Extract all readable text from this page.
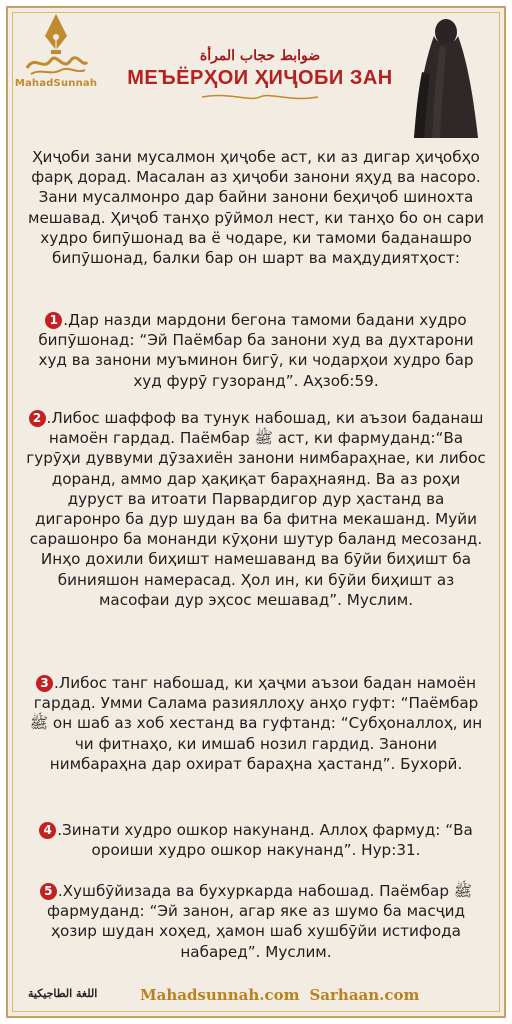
MahadSunnah
ضوابط حجاب المرأة
МЕЪЁРҲОИ ҲИҶОБИ ЗАН
Ҳиҷоби зани мусалмон ҳиҷобе аст, ки аз дигар ҳиҷобҳо фарқ дорад. Масалан аз ҳиҷоби занони яҳуд ва насоро. Зани мусалмонро дар байни занони беҳиҷоб шинохта мешавад. Ҳиҷоб танҳо рӯймол нест, ки танҳо бо он сари худро бипӯшонад ва ё чодаре, ки тамоми баданашро бипӯшонад, балки бар он шарт ва маҳдудиятҳост:
1 .Дар назди мардони бегона тамоми бадани худро бипӯшонад: “Эй Паёмбар ба занони худ ва духтарони худ ва занони муъминон бигӯ, ки чодарҳои худро бар худ фурӯ гузоранд”. Аҳзоб:59.
2 .Либос шаффоф ва тунук набошад, ки аъзои баданаш намоён гардад. Паёмбар ﷺ аст, ки фармуданд:“Ва гурӯҳи дуввуми дӯзахиён занони нимбараҳнае, ки либос доранд, аммо дар ҳақиқат бараҳнаянд. Ва аз роҳи дуруст ва итоати Парвардигор дур ҳастанд ва дигаронро ба дур шудан ва ба фитна мекашанд. Муйи сарашонро ба монанди кӯҳони шутур баланд месозанд. Инҳо дохили биҳишт намешаванд ва бӯйи биҳишт ба бинияшон намерасад. Ҳол ин, ки бӯйи биҳишт аз масофаи дур эҳсос мешавад”. Муслим.
3 .Либос танг набошад, ки ҳаҷми аъзои бадан намоён гардад. Умми Салама разияллоҳу анҳо гуфт: “Паёмбар ﷺ он шаб аз хоб хестанд ва гуфтанд: “Субҳоналлоҳ, ин чи фитнаҳо, ки имшаб нозил гардид. Занони нимбараҳна дар охират бараҳна ҳастанд”. Бухорӣ.
4 .Зинати худро ошкор накунанд. Аллоҳ фармуд: “Ва ороиши худро ошкор накунанд”. Нур:31.
5 .Хушбӯйизада ва бухуркарда набошад. Паёмбар ﷺ фармуданд: “Эй занон, агар яке аз шумо ба масҷид ҳозир шудан хоҳед, ҳамон шаб хушбӯйи истифода набаред”. Муслим.
اللغة الطاجيكية	Mahadsunnah.com Sarhaan.com
